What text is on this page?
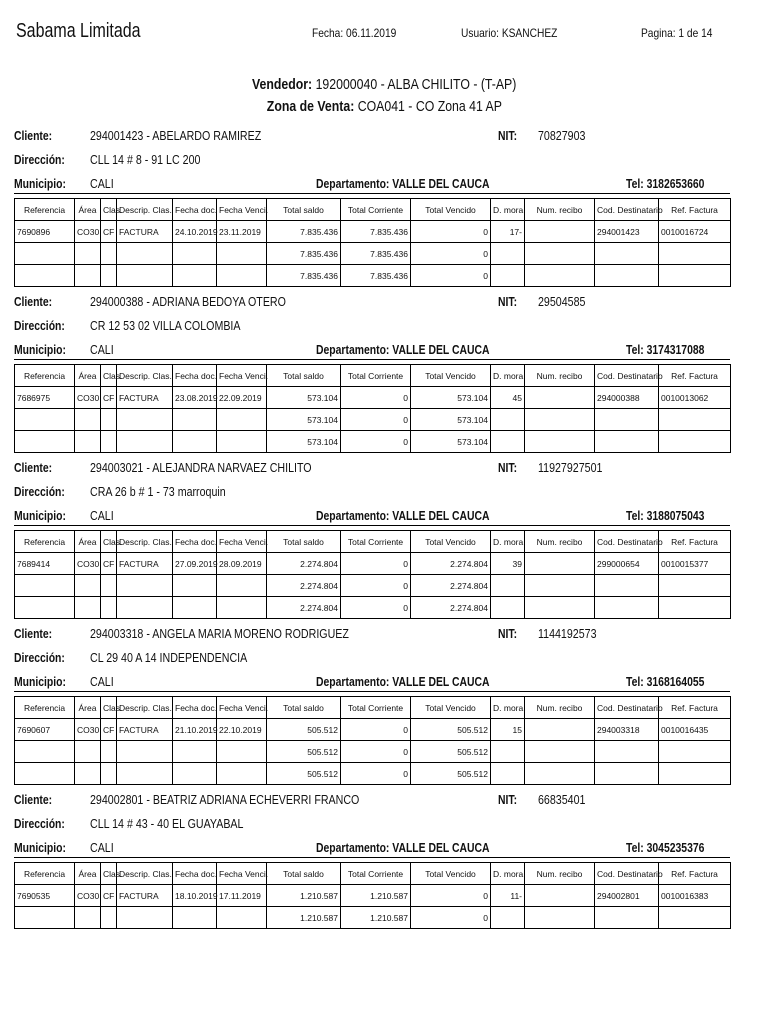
Sabama Limitada	Fecha: 06.11.2019	Usuario: KSANCHEZ	Pagina: 1 de 14
Vendedor: 192000040 - ALBA CHILITO - (T-AP)
Zona de Venta: COA041 - CO Zona 41 AP
Cliente:	294001423 - ABELARDO RAMIREZ	NIT: 70827903
Dirección: CLL 14 # 8 - 91 LC 200
Municipio: CALI	Departamento: VALLE DEL CAUCA	Tel: 3182653660
Referencia	Área	Clas.	Descrip. Clas.	Fecha doc.	Fecha Venci.	Total saldo	Total Corriente	Total Vencido	D. mora	Num. recibo	Cod. Destinatario	Ref. Factura
7690896	CO30	CF	FACTURA	24.10.2019	23.11.2019	7.835.436	7.835.436	0	17-		294001423	0010016724
						7.835.436	7.835.436	0				
						7.835.436	7.835.436	0				
Cliente:	294000388 - ADRIANA BEDOYA OTERO	NIT: 29504585
Dirección: CR 12 53 02 VILLA COLOMBIA
Municipio: CALI	Departamento: VALLE DEL CAUCA	Tel: 3174317088
Referencia	Área	Clas.	Descrip. Clas.	Fecha doc.	Fecha Venci.	Total saldo	Total Corriente	Total Vencido	D. mora	Num. recibo	Cod. Destinatario	Ref. Factura
7686975	CO30	CF	FACTURA	23.08.2019	22.09.2019	573.104	0	573.104	45		294000388	0010013062
						573.104	0	573.104				
						573.104	0	573.104				
Cliente:	294003021 - ALEJANDRA NARVAEZ CHILITO	NIT: 11927927501
Dirección: CRA 26 b # 1 - 73 marroquin
Municipio: CALI	Departamento: VALLE DEL CAUCA	Tel: 3188075043
Referencia	Área	Clas.	Descrip. Clas.	Fecha doc.	Fecha Venci.	Total saldo	Total Corriente	Total Vencido	D. mora	Num. recibo	Cod. Destinatario	Ref. Factura
7689414	CO30	CF	FACTURA	27.09.2019	28.09.2019	2.274.804	0	2.274.804	39		299000654	0010015377
						2.274.804	0	2.274.804				
						2.274.804	0	2.274.804				
Cliente:	294003318 - ANGELA MARIA MORENO RODRIGUEZ	NIT: 1144192573
Dirección: CL 29 40 A 14 INDEPENDENCIA
Municipio: CALI	Departamento: VALLE DEL CAUCA	Tel: 3168164055
Referencia	Área	Clas.	Descrip. Clas.	Fecha doc.	Fecha Venci.	Total saldo	Total Corriente	Total Vencido	D. mora	Num. recibo	Cod. Destinatario	Ref. Factura
7690607	CO30	CF	FACTURA	21.10.2019	22.10.2019	505.512	0	505.512	15		294003318	0010016435
						505.512	0	505.512				
						505.512	0	505.512				
Cliente:	294002801 - BEATRIZ ADRIANA ECHEVERRI FRANCO	NIT: 66835401
Dirección: CLL 14 # 43 - 40 EL GUAYABAL
Municipio: CALI	Departamento: VALLE DEL CAUCA	Tel: 3045235376
Referencia	Área	Clas.	Descrip. Clas.	Fecha doc.	Fecha Venci.	Total saldo	Total Corriente	Total Vencido	D. mora	Num. recibo	Cod. Destinatario	Ref. Factura
7690535	CO30	CF	FACTURA	18.10.2019	17.11.2019	1.210.587	1.210.587	0	11-		294002801	0010016383
						1.210.587	1.210.587	0				
